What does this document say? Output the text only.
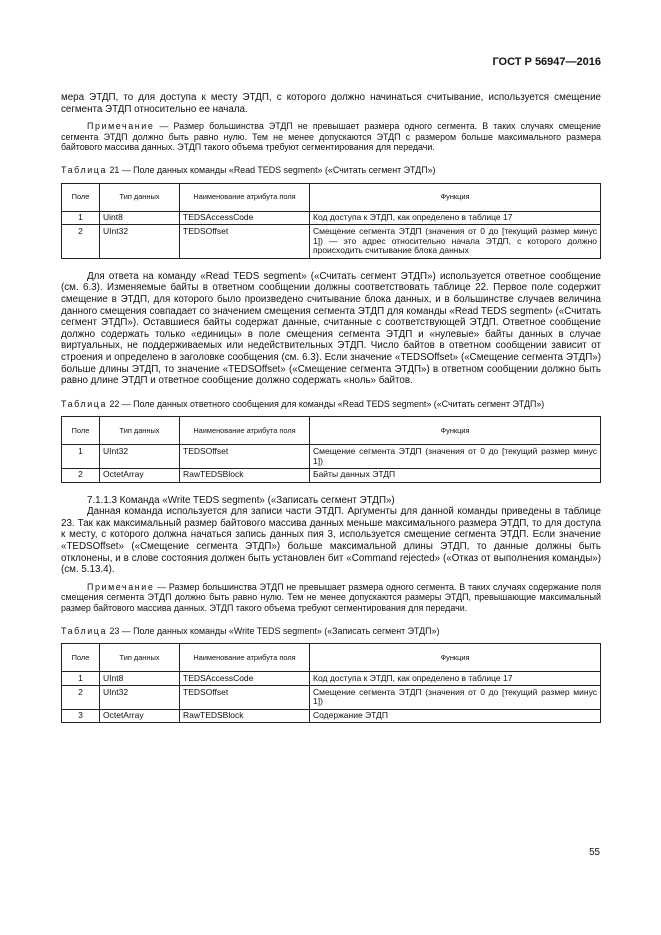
ГОСТ Р 56947—2016

мера ЭТДП, то для доступа к месту ЭТДП, с которого должно начинаться считывание, используется смещение сегмента ЭТДП относительно ее начала.

Примечание — Размер большинства ЭТДП не превышает размера одного сегмента. В таких случаях смещение сегмента ЭТДП должно быть равно нулю. Тем не менее допускаются ЭТДП с размером больше максимального размера байтового массива данных. ЭТДП такого объема требуют сегментирования для передачи.

Таблица 21 — Поле данных команды «Read TEDS segment» («Считать сегмент ЭТДП»)

Поле	Тип данных	Наименование атрибута поля	Функция
1	Uint8	TEDSAccessCode	Код доступа к ЭТДП, как определено в таблице 17
2	UInt32	TEDSOffset	Смещение сегмента ЭТДП (значения от 0 до [текущий размер минус 1]) — это адрес относительно начала ЭТДП, с которого должно происходить считывание блока данных

Для ответа на команду «Read TEDS segment» («Считать сегмент ЭТДП») используется ответное сообщение (см. 6.3). Изменяемые байты в ответном сообщении должны соответствовать таблице 22. Первое поле содержит смещение в ЭТДП, для которого было произведено считывание блока данных, и в большинстве случаев величина данного смещения совпадает со значением смещения сегмента ЭТДП для команды «Read TEDS segment» («Считать сегмент ЭТДП»). Оставшиеся байты содержат данные, считанные с соответствующей ЭТДП. Ответное сообщение должно содержать только «единицы» в поле смещения сегмента ЭТДП и «нулевые» байты данных в случае виртуальных, не поддерживаемых или недействительных ЭТДП. Число байтов в ответном сообщении зависит от строения и определено в заголовке сообщения (см. 6.3). Если значение «TEDSOffset» («Смещение сегмента ЭТДП») больше длины ЭТДП, то значение «TEDSOffset» («Смещение сегмента ЭТДП») в ответном сообщении должно быть равно длине ЭТДП и ответное сообщение должно содержать «ноль» байтов.

Таблица 22 — Поле данных ответного сообщения для команды «Read TEDS segment» («Считать сегмент ЭТДП»)

Поле	Тип данных	Наименование атрибута поля	Функция
1	UInt32	TEDSOffset	Смещение сегмента ЭТДП (значения от 0 до [текущий размер минус 1])
2	OctetArray	RawTEDSBlock	Байты данных ЭТДП

7.1.1.3 Команда «Write TEDS segment» («Записать сегмент ЭТДП»)

Данная команда используется для записи части ЭТДП. Аргументы для данной команды приведены в таблице 23. Так как максимальный размер байтового массива данных меньше максимального размера ЭТДП, то для доступа к месту, с которого должна начаться запись данных пия 3, используется смещение сегмента ЭТДП. Если значение «TEDSOffset» («Смещение сегмента ЭТДП») больше максимальной длины ЭТДП, то данные должны быть отклонены, и в слове состояния должен быть установлен бит «Command rejected» («Отказ от выполнения команды») (см. 5.13.4).

Примечание — Размер большинства ЭТДП не превышает размера одного сегмента. В таких случаях содержание поля смещения сегмента ЭТДП должно быть равно нулю. Тем не менее допускаются размеры ЭТДП, превышающие максимальный размер байтового массива данных. ЭТДП такого объема требуют сегментирования для передачи.

Таблица 23 — Поле данных команды «Write TEDS segment» («Записать сегмент ЭТДП»)

Поле	Тип данных	Наименование атрибута поля	Функция
1	UInt8	TEDSAccessCode	Код доступа к ЭТДП, как определено в таблице 17
2	UInt32	TEDSOffset	Смещение сегмента ЭТДП (значения от 0 до [текущий размер минус 1])
3	OctetArray	RawTEDSBlock	Содержание ЭТДП
55
